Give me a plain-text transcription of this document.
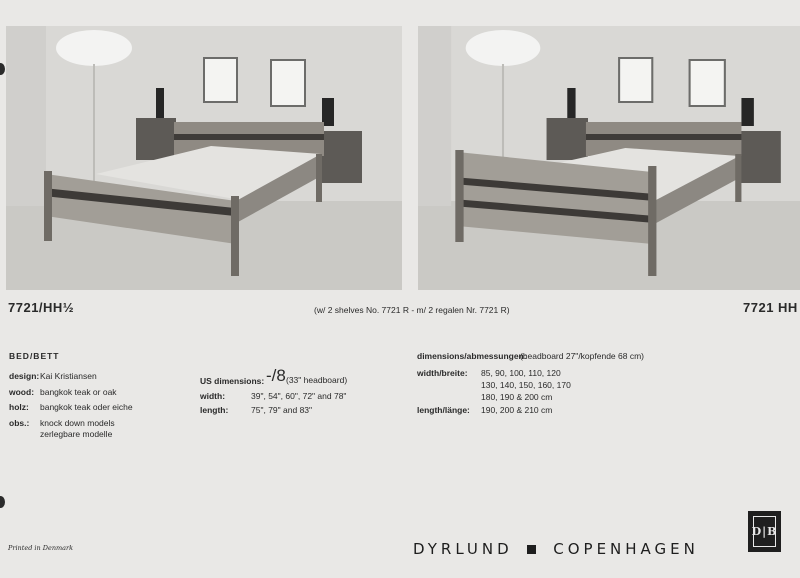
7721/HH½	(w/ 2 shelves No. 7721 R - m/ 2 regalen Nr. 7721 R)	7721 HH
BED/BETT
design: Kai Kristiansen
wood: bangkok teak or oak
holz: bangkok teak oder eiche
obs.: knock down models
zerlegbare modelle
US dimensions: -/8 (33" headboard)
width:	39", 54", 60", 72" and 78"
length:	75", 79" and 83"
dimensions/abmessungen:
(headboard 27"/kopfende 68 cm)
width/breite: 85, 90, 100, 110, 120
130, 140, 150, 160, 170
180, 190 & 200 cm
length/länge: 190, 200 & 210 cm
Printed in Denmark	DYRLUND	COPENHAGEN
D|B
